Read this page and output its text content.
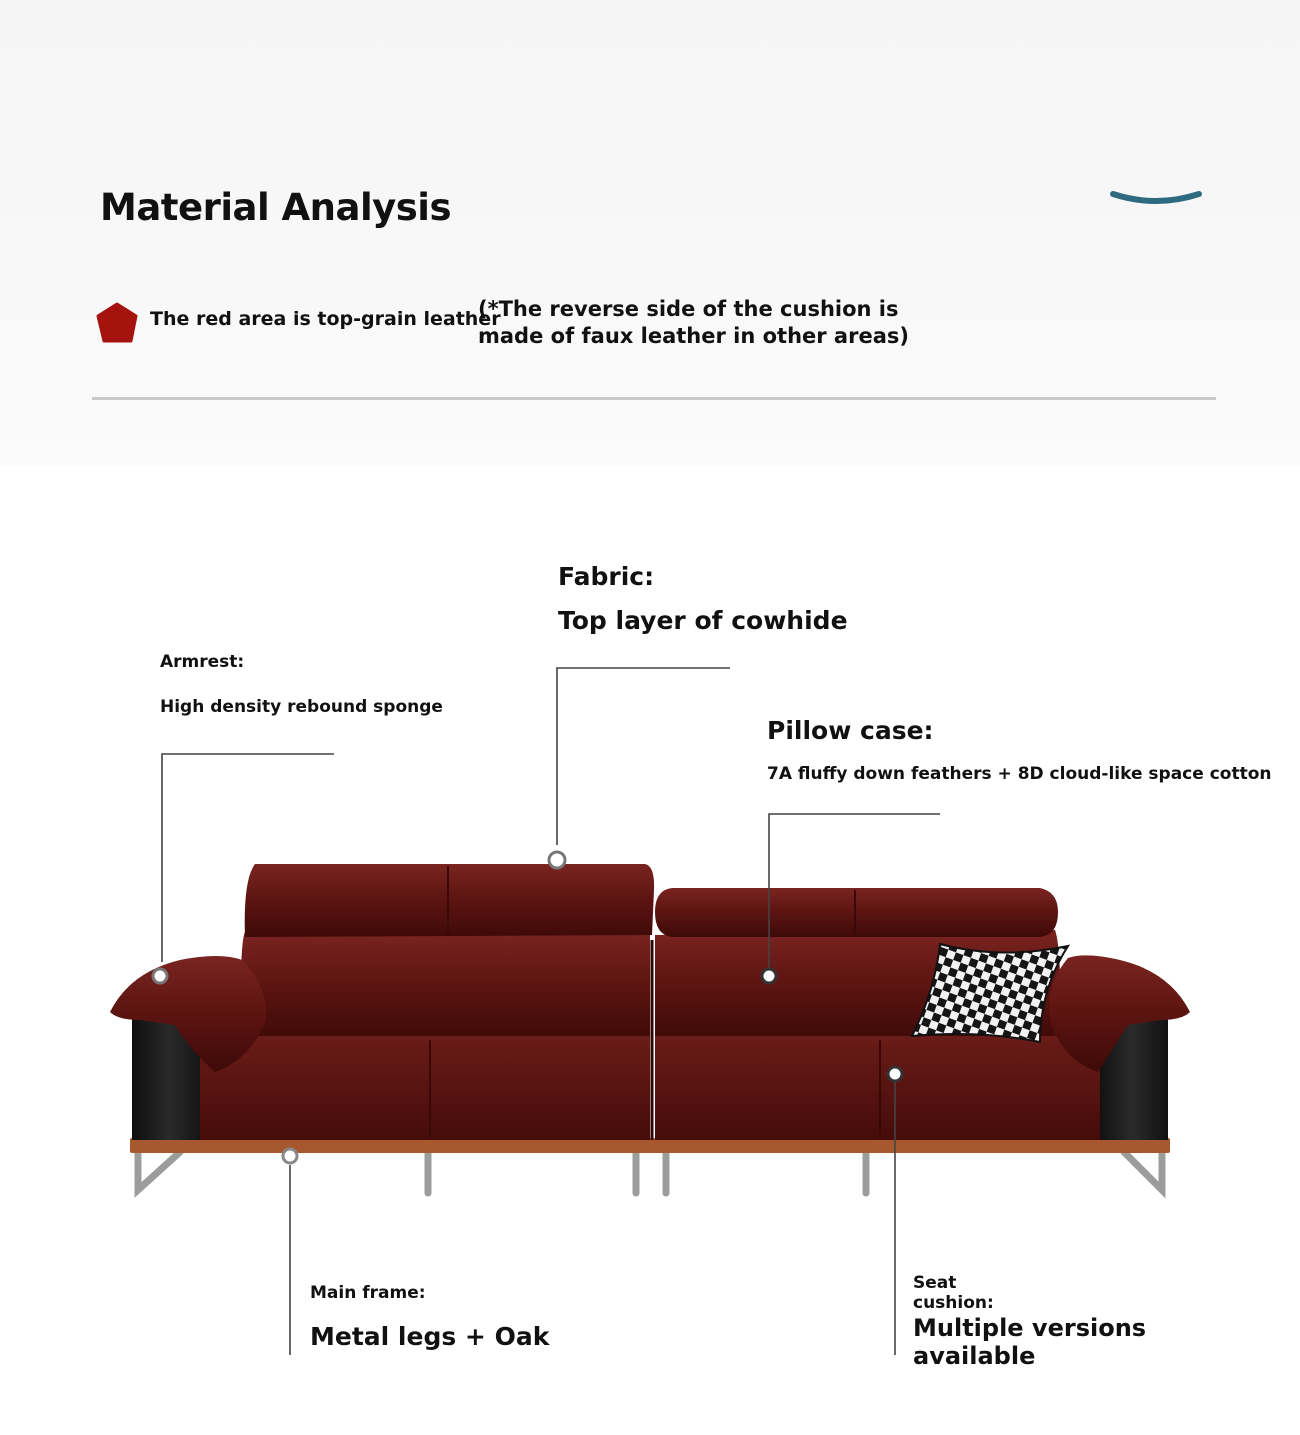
Material Analysis
The red area is top-grain leather
(*The reverse side of the cushion is
made of faux leather in other areas)
Fabric:
Top layer of cowhide
Armrest:
High density rebound sponge
Pillow case:
7A fluffy down feathers + 8D cloud-like space cotton
Main frame:
Metal legs + Oak
Seat
cushion:
Multiple versions
available
